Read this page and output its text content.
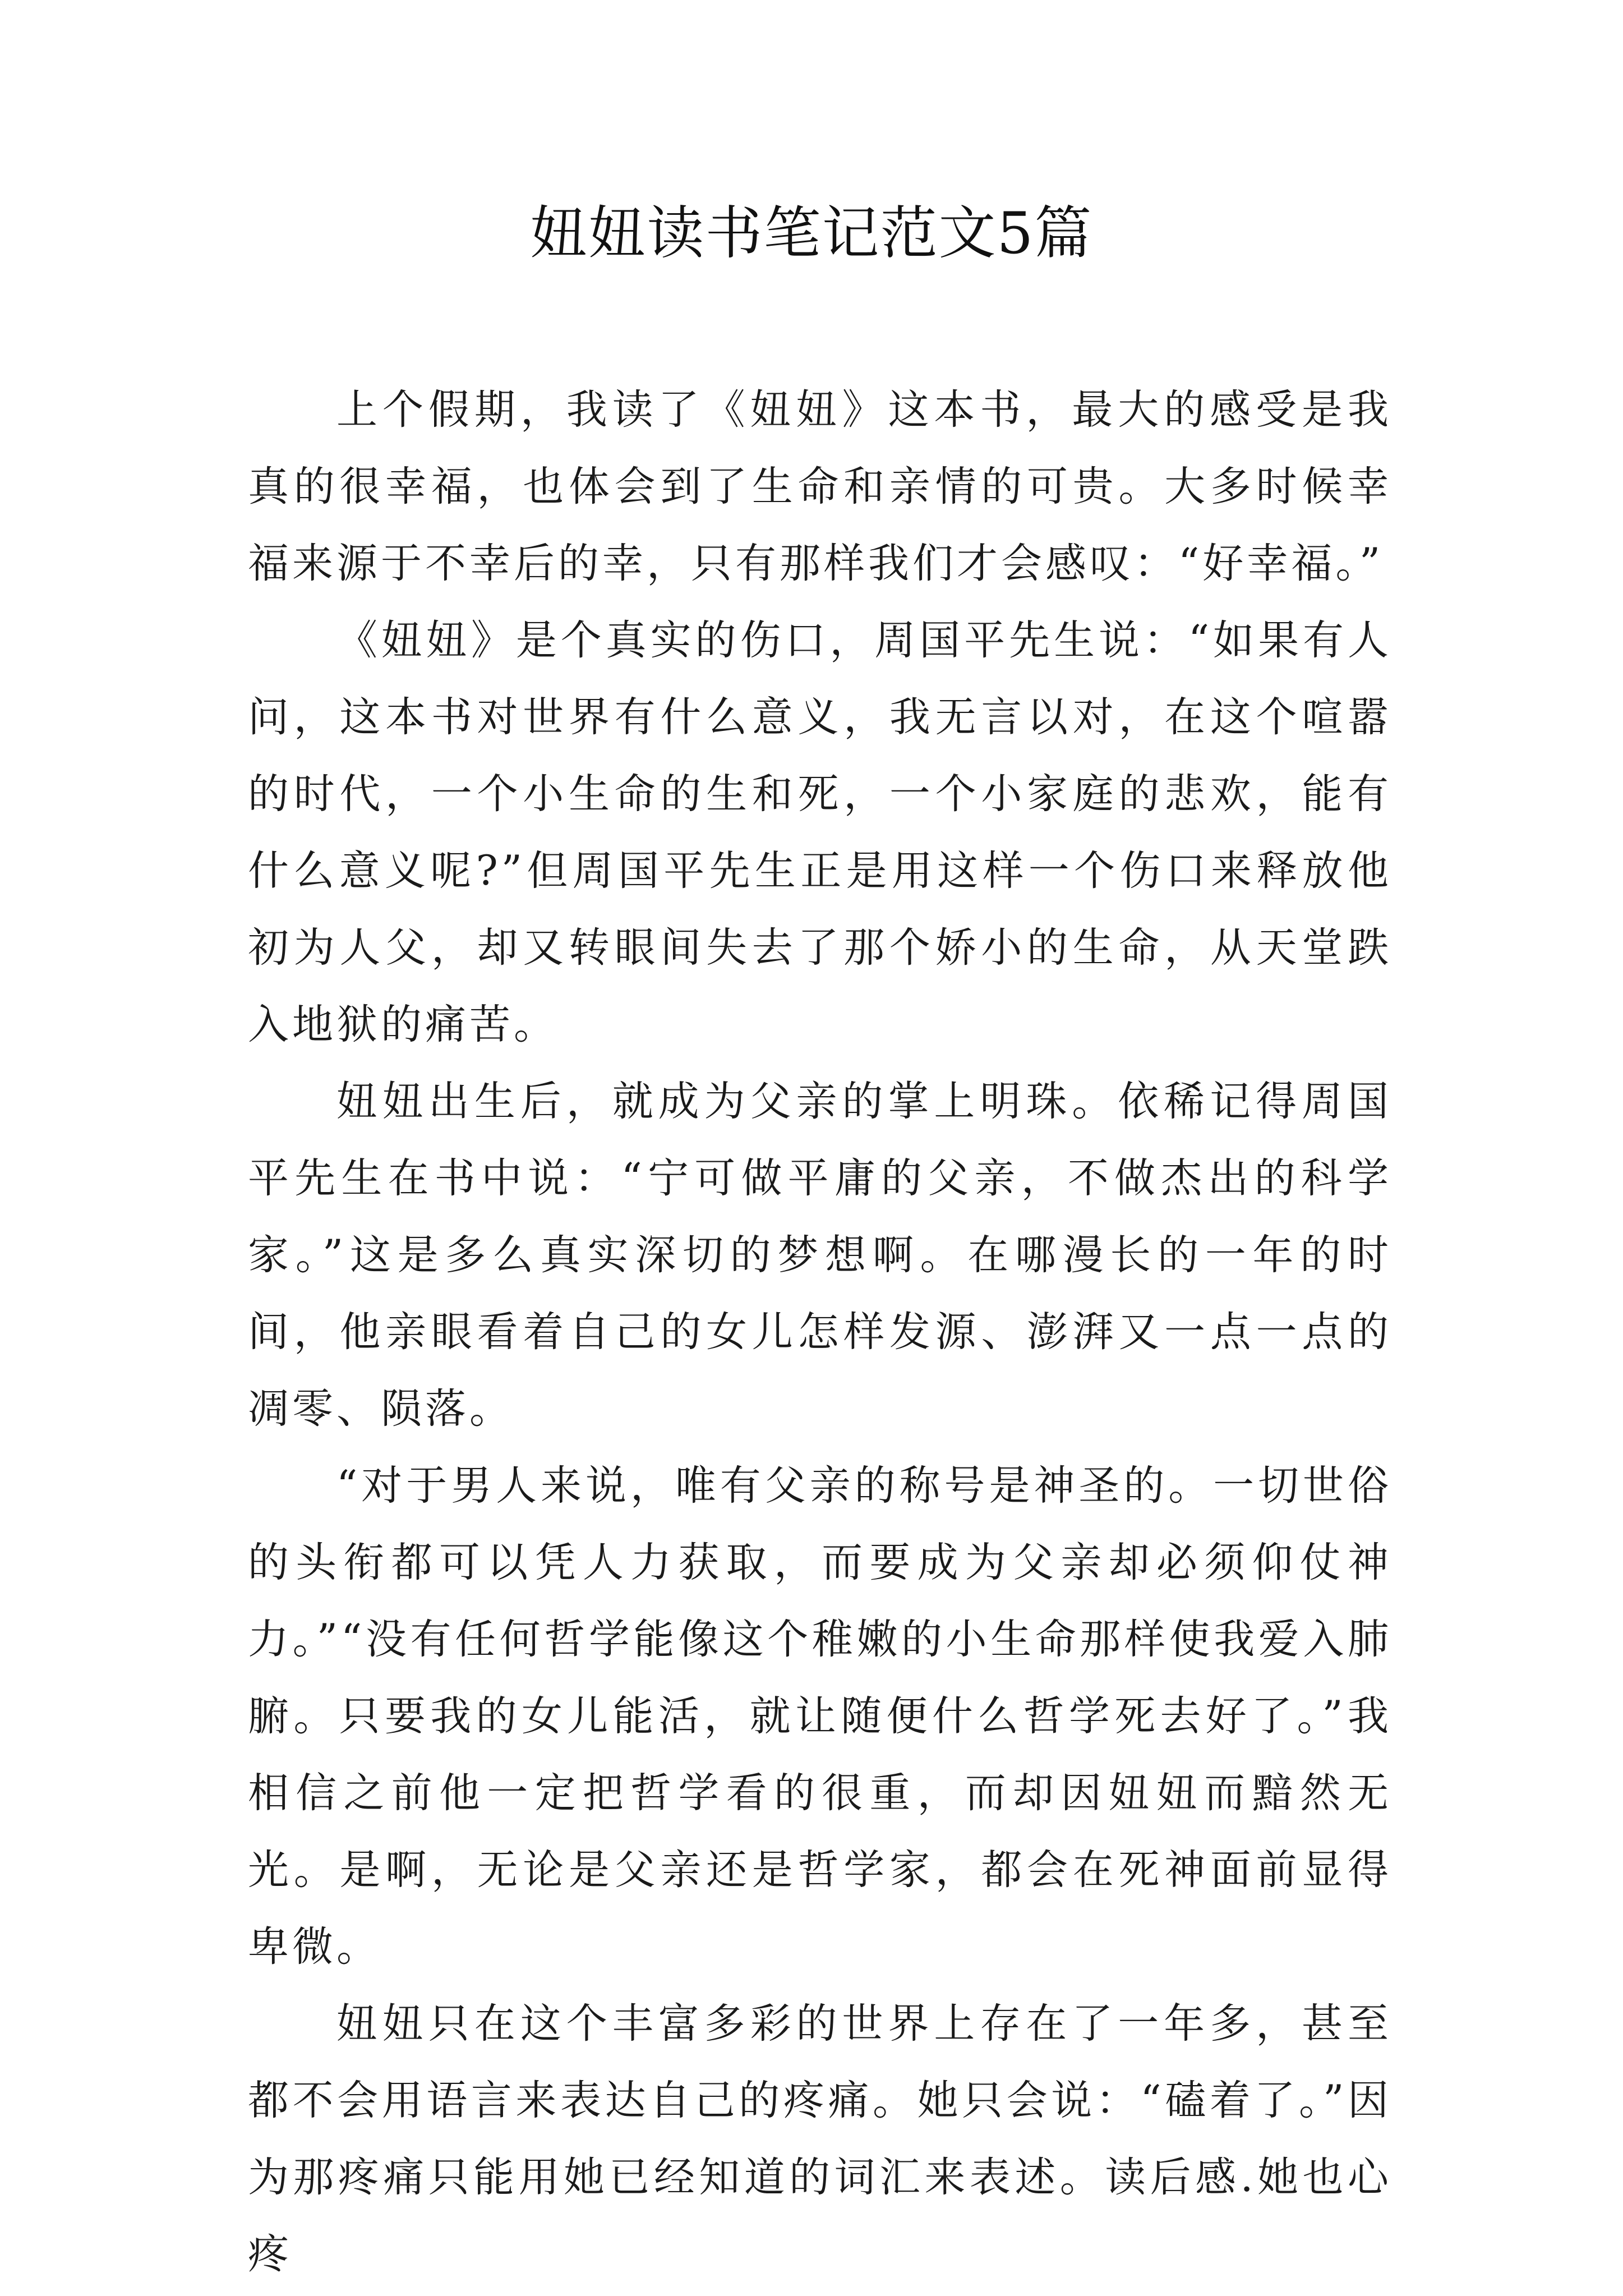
妞妞读书笔记范文5篇

上个假期，我读了《妞妞》这本书，最大的感受是我真的很幸福，也体会到了生命和亲情的可贵。大多时候幸福来源于不幸后的幸，只有那样我们才会感叹：“好幸福。”

《妞妞》是个真实的伤口，周国平先生说：“如果有人问，这本书对世界有什么意义，我无言以对，在这个喧嚣的时代，一个小生命的生和死，一个小家庭的悲欢，能有什么意义呢?”但周国平先生正是用这样一个伤口来释放他初为人父，却又转眼间失去了那个娇小的生命，从天堂跌入地狱的痛苦。

妞妞出生后，就成为父亲的掌上明珠。依稀记得周国平先生在书中说：“宁可做平庸的父亲，不做杰出的科学家。”这是多么真实深切的梦想啊。在哪漫长的一年的时间，他亲眼看着自己的女儿怎样发源、澎湃又一点一点的凋零、陨落。

“对于男人来说，唯有父亲的称号是神圣的。一切世俗的头衔都可以凭人力获取，而要成为父亲却必须仰仗神力。”“没有任何哲学能像这个稚嫩的小生命那样使我爱入肺腑。只要我的女儿能活，就让随便什么哲学死去好了。”我相信之前他一定把哲学看的很重，而却因妞妞而黯然无光。是啊，无论是父亲还是哲学家，都会在死神面前显得卑微。

妞妞只在这个丰富多彩的世界上存在了一年多，甚至都不会用语言来表达自己的疼痛。她只会说：“磕着了。”因为那疼痛只能用她已经知道的词汇来表述。读后感.她也心疼
